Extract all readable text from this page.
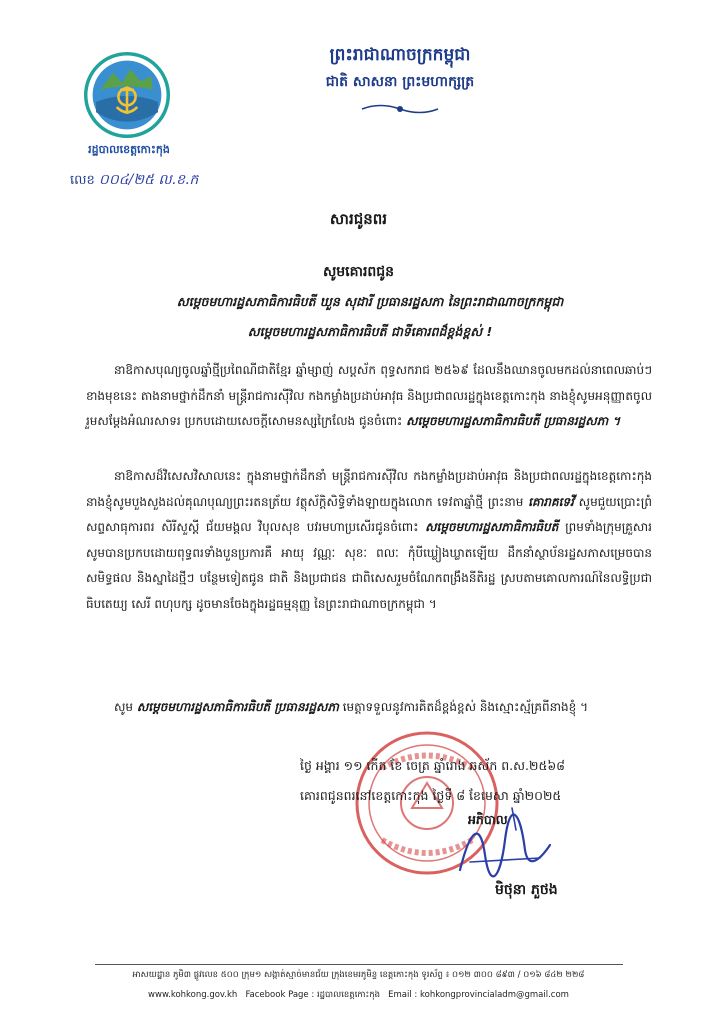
រដ្ឋបាលខេត្តកោះកុង
លេខ ០០៤/២៥ ល.ខ.ក
ព្រះរាជាណាចក្រកម្ពុជា
ជាតិ សាសនា ព្រះមហាក្សត្រ
សារជូនពរ
សូមគោរពជូន
សម្តេចមហារដ្ឋសភាធិការធិបតី ឃួន សុដារី ប្រធានរដ្ឋសភា នៃព្រះរាជាណាចក្រកម្ពុជា
សម្តេចមហារដ្ឋសភាធិការធិបតី ជាទីគោរពដ៏ខ្ពង់ខ្ពស់ !
នាឱកាសបុណ្យចូលឆ្នាំថ្មីប្រពៃណីជាតិខ្មែរ ឆ្នាំម្សាញ់ សប្តស័ក ពុទ្ធសករាជ ២៥៦៩ ដែលនឹងឈានចូលមកដល់នាពេលឆាប់ៗខាងមុខនេះ តាងនាមថ្នាក់ដឹកនាំ មន្ត្រីរាជការស៊ីវិល កងកម្លាំងប្រដាប់អាវុធ និងប្រជាពលរដ្ឋក្នុងខេត្តកោះកុង នាងខ្ញុំសូមអនុញ្ញាតចូលរួមសម្តែងអំណរសាទរ ប្រកបដោយសេចក្តីសោមនស្សក្រៃលែង ជូនចំពោះ សម្តេចមហារដ្ឋសភាធិការធិបតី ប្រធានរដ្ឋសភា ។
នាឱកាសដ៏វិសេសវិសាលនេះ ក្នុងនាមថ្នាក់ដឹកនាំ មន្ត្រីរាជការស៊ីវិល កងកម្លាំងប្រដាប់អាវុធ និងប្រជាពលរដ្ឋក្នុងខេត្តកោះកុង នាងខ្ញុំសូមបួងសួងដល់គុណបុណ្យព្រះរតនត្រ័យ វត្ថុស័ក្តិសិទ្ធិទាំងឡាយក្នុងលោក ទេវតាឆ្នាំថ្មី ព្រះនាម គោរាគទេវី សូមជួយប្រោះព្រំ សព្ទសាធុការពរ សិរីសួស្តី ជ័យមង្គល វិបុលសុខ បវរមហាប្រសើរជូនចំពោះ សម្តេចមហារដ្ឋសភាធិការធិបតី ព្រមទាំងក្រុមគ្រួសារ សូមបានប្រកបដោយពុទ្ធពរទាំងបួនប្រការគឺ អាយុ វណ្ណៈ សុខៈ ពលៈ កុំបីឃ្លៀងឃ្លាតឡើយ ដឹកនាំស្ថាប័នរដ្ឋសភាសម្រេចបានសមិទ្ធផល និងស្នាដៃថ្មីៗ បន្ថែមទៀតជូន ជាតិ និងប្រជាជន ជាពិសេសរួមចំណែកពង្រឹងនីតិរដ្ឋ ស្របតាមគោលការណ៍នៃលទ្ធិប្រជាធិបតេយ្យ សេរី ពហុបក្ស ដូចមានចែងក្នុងរដ្ឋធម្មនុញ្ញ នៃព្រះរាជាណាចក្រកម្ពុជា ។
សូម សម្តេចមហារដ្ឋសភាធិការធិបតី ប្រធានរដ្ឋសភា មេត្តាទទួលនូវការគិតដ៏ខ្ពង់ខ្ពស់ និងស្មោះស្ម័គ្រពីនាងខ្ញុំ ។
ថ្ងៃ អង្គារ ១១ កើត ខែ ចេត្រ ឆ្នាំរោង ឆស័ក ព.ស.២៥៦៨
គោរពជូនពរនៅខេត្តកោះកុង ថ្ងៃទី ៨ ខែមេសា ឆ្នាំ២០២៥
អភិបាល
មិថុនា ភួថង
អាសយដ្ឋាន ភូមិ៣ ផ្លូវលេខ ៥០០ ក្រុម១ សង្កាត់ស្មាច់មានជ័យ ក្រុងខេមរភូមិន្ទ ខេត្តកោះកុង ទូរស័ព្ទ ៖ ០១២ ៣០០ ៨៩៣ / ០១៦ ៨៤២ ២២៨
www.kohkong.gov.kh Facebook Page : រដ្ឋបាលខេត្តកោះកុង Email : kohkongprovincialadm@gmail.com
